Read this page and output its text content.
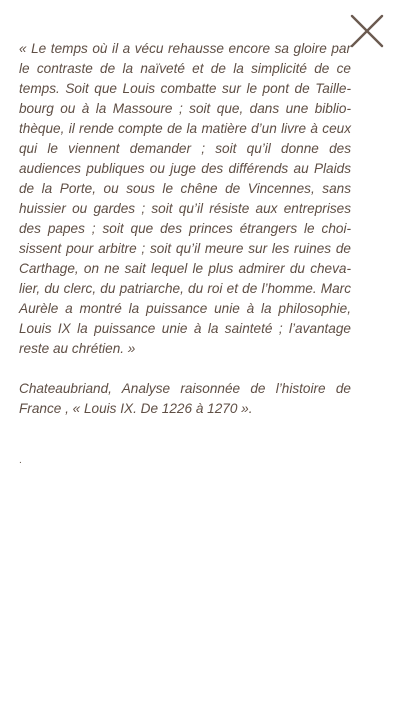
« Le temps où il a vécu rehausse encore sa gloire par le contraste de la naïveté et de la simplicité de ce temps. Soit que Louis combatte sur le pont de Taillebourg ou à la Massoure ; soit que, dans une bibliothèque, il rende compte de la matière d’un livre à ceux qui le viennent demander ; soit qu’il donne des audiences publiques ou juge des différends au Plaids de la Porte, ou sous le chêne de Vincennes, sans huissier ou gardes ; soit qu’il résiste aux entreprises des papes ; soit que des princes étrangers le choisissent pour arbitre ; soit qu’il meure sur les ruines de Carthage, on ne sait lequel le plus admirer du chevalier, du clerc, du patriarche, du roi et de l’homme. Marc Aurèle a montré la puissance unie à la philosophie, Louis IX la puissance unie à la sainteté ; l’avantage reste au chrétien. »

Chateaubriand, Analyse raisonnée de l’histoire de France , « Louis IX. De 1226 à 1270 ».

.
